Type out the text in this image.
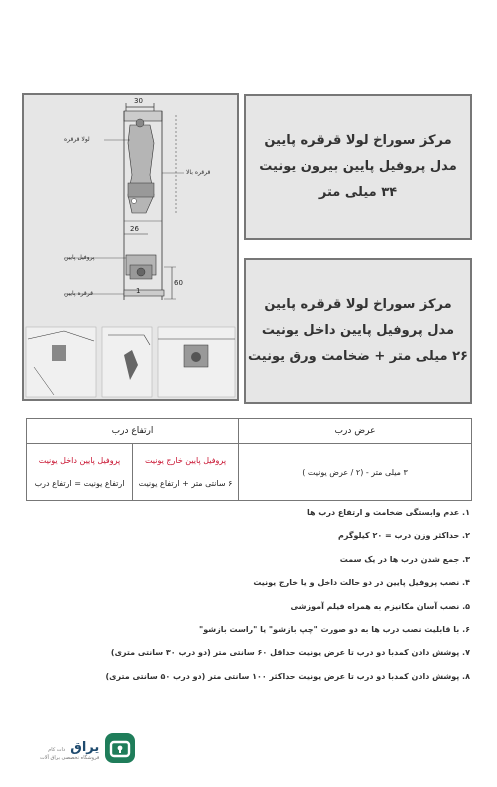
30
26
60
1
لولا قرقره
قرقره بالا
پروفیل پایین
قرقره پایین
مرکز سوراخ لولا قرقره پایین
مدل پروفیل پایین بیرون یونیت
۳۴ میلی متر
مرکز سوراخ لولا قرقره پایین
مدل پروفیل پایین داخل یونیت
۲۶ میلی متر + ضخامت ورق یونیت
عرض درب
ارتفاع درب
۳ میلی متر - (۲ / عرض یونیت )
پروفیل پایین خارج یونیت
۶ سانتی متر + ارتفاع یونیت
پروفیل پایین داخل یونیت
ارتفاع یونیت = ارتفاع درب
۱. عدم وابستگی ضخامت و ارتفاع درب ها
۲. حداکثر وزن درب = ۲۰ کیلوگرم
۳. جمع شدن درب ها در یک سمت
۴. نصب پروفیل پایین در دو حالت داخل و یا خارج یونیت
۵. نصب آسان مکانیزم به همراه فیلم آموزشی
۶. با قابلیت نصب درب ها به دو صورت "چپ بازشو" یا "راست بازشو"
۷. پوشش دادن کمدبا دو درب تا عرض یونیت حداقل ۶۰ سانتی متر (دو درب ۳۰ سانتی متری)
۸. پوشش دادن کمدبا دو درب تا عرض یونیت حداکثر ۱۰۰ سانتی متر (دو درب ۵۰ سانتی متری)
یراق دات کام
فروشگاه تخصصی یراق آلات
